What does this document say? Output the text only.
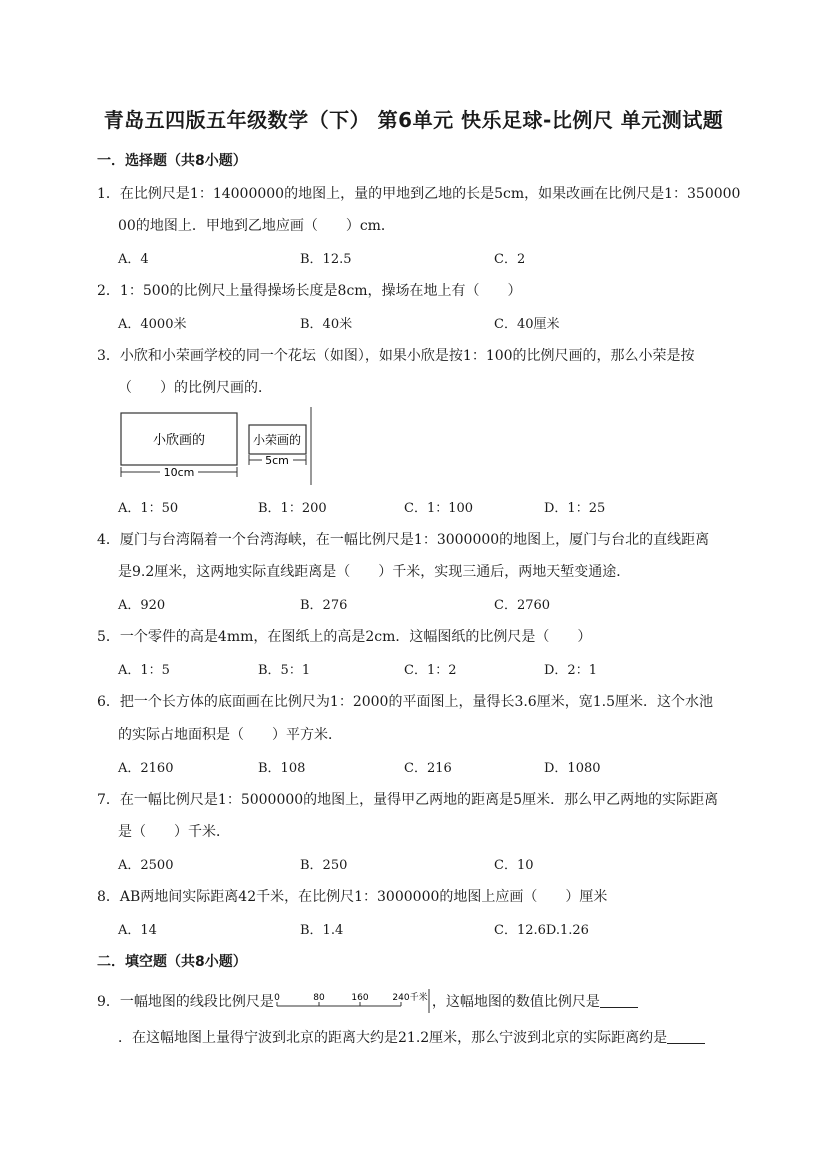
青岛五四版五年级数学（下） 第6单元 快乐足球-比例尺 单元测试题
一．选择题（共8小题）
1．在比例尺是1：14000000的地图上，量的甲地到乙地的长是5cm，如果改画在比例尺是1：350000
00的地图上．甲地到乙地应画（　　）cm．
A．4	B．12.5	C．2
2．1：500的比例尺上量得操场长度是8cm，操场在地上有（　　）
A．4000米	B．40米	C．40厘米
3．小欣和小荣画学校的同一个花坛（如图），如果小欣是按1：100的比例尺画的，那么小荣是按
（　　）的比例尺画的．
小欣画的
10cm
小荣画的
5cm
A．1：50	B．1：200	C．1：100	D．1：25
4．厦门与台湾隔着一个台湾海峡，在一幅比例尺是1：3000000的地图上，厦门与台北的直线距离
是9.2厘米，这两地实际直线距离是（　　）千米，实现三通后，两地天堑变通途．
A．920	B．276	C．2760
5．一个零件的高是4mm，在图纸上的高是2cm．这幅图纸的比例尺是（　　）
A．1：5	B．5：1	C．1：2	D．2：1
6．把一个长方体的底面画在比例尺为1：2000的平面图上，量得长3.6厘米，宽1.5厘米．这个水池
的实际占地面积是（　　）平方米．
A．2160	B．108	C．216	D．1080
7．在一幅比例尺是1：5000000的地图上，量得甲乙两地的距离是5厘米．那么甲乙两地的实际距离
是（　　）千米．
A．2500	B．250	C．10
8．AB两地间实际距离42千米，在比例尺1：3000000的地图上应画（　　）厘米
A．14	B．1.4	C．12.6D.1.26
二．填空题（共8小题）
9．一幅地图的线段比例尺是 0	80	160	240千米 ，这幅地图的数值比例尺是
．在这幅地图上量得宁波到北京的距离大约是21.2厘米，那么宁波到北京的实际距离约是
